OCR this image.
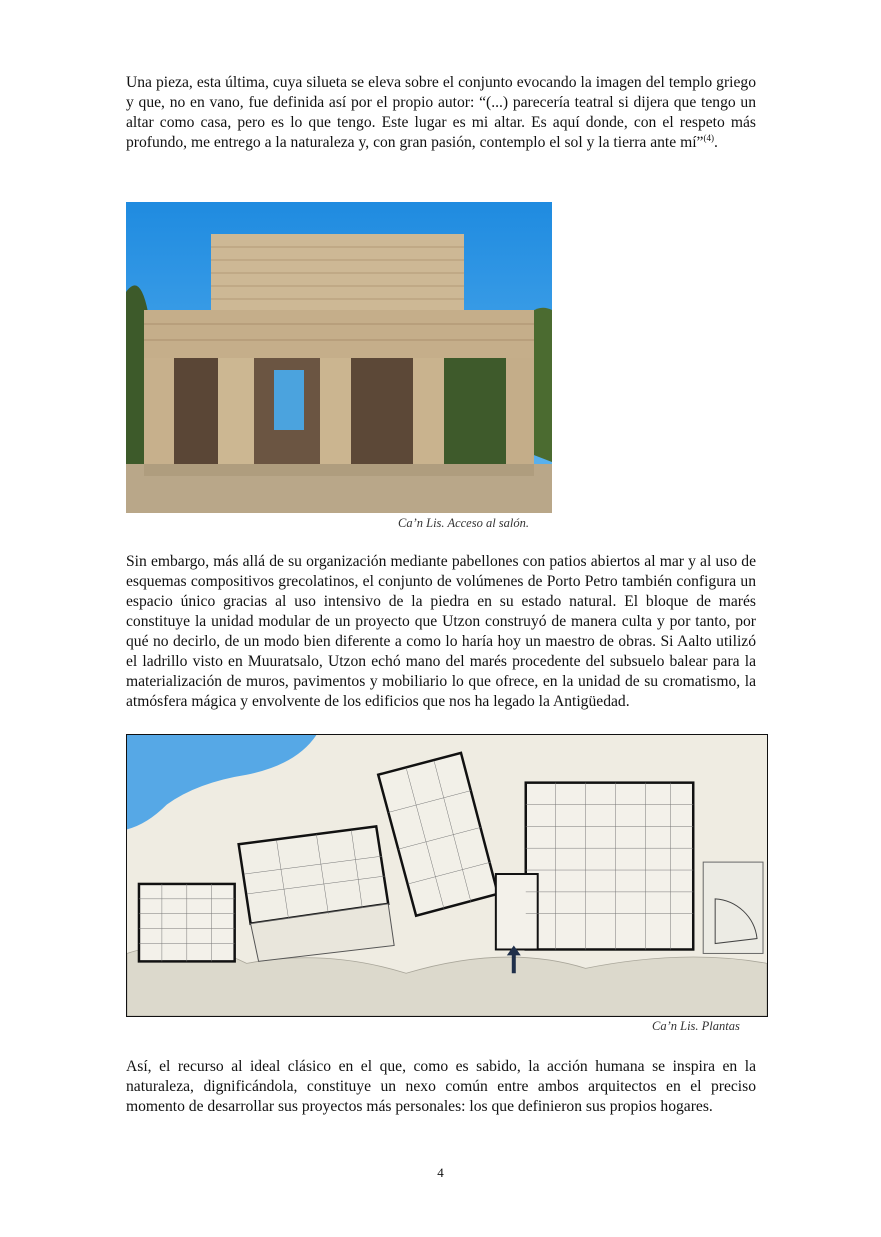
Una pieza, esta última, cuya silueta se eleva sobre el conjunto evocando la imagen del templo griego y que, no en vano, fue definida así por el propio autor: “(...) parecería teatral si dijera que tengo un altar como casa, pero es lo que tengo. Este lugar es mi altar. Es aquí donde, con el respeto más profundo, me entrego a la naturaleza y, con gran pasión, contemplo el sol y la tierra ante mí”$^{(4)}$.

Ca’n Lis. Acceso al salón.

Sin embargo, más allá de su organización mediante pabellones con patios abiertos al mar y al uso de esquemas compositivos grecolatinos, el conjunto de volúmenes de Porto Petro también configura un espacio único gracias al uso intensivo de la piedra en su estado natural. El bloque de marés constituye la unidad modular de un proyecto que Utzon construyó de manera culta y por tanto, por qué no decirlo, de un modo bien diferente a como lo haría hoy un maestro de obras. Si Aalto utilizó el ladrillo visto en Muuratsalo, Utzon echó mano del marés procedente del subsuelo balear para la materialización de muros, pavimentos y mobiliario lo que ofrece, en la unidad de su cromatismo, la atmósfera mágica y envolvente de los edificios que nos ha legado la Antigüedad.

Ca’n Lis. Plantas

Así, el recurso al ideal clásico en el que, como es sabido, la acción humana se inspira en la naturaleza, dignificándola, constituye un nexo común entre ambos arquitectos en el preciso momento de desarrollar sus proyectos más personales: los que definieron sus propios hogares.

4
